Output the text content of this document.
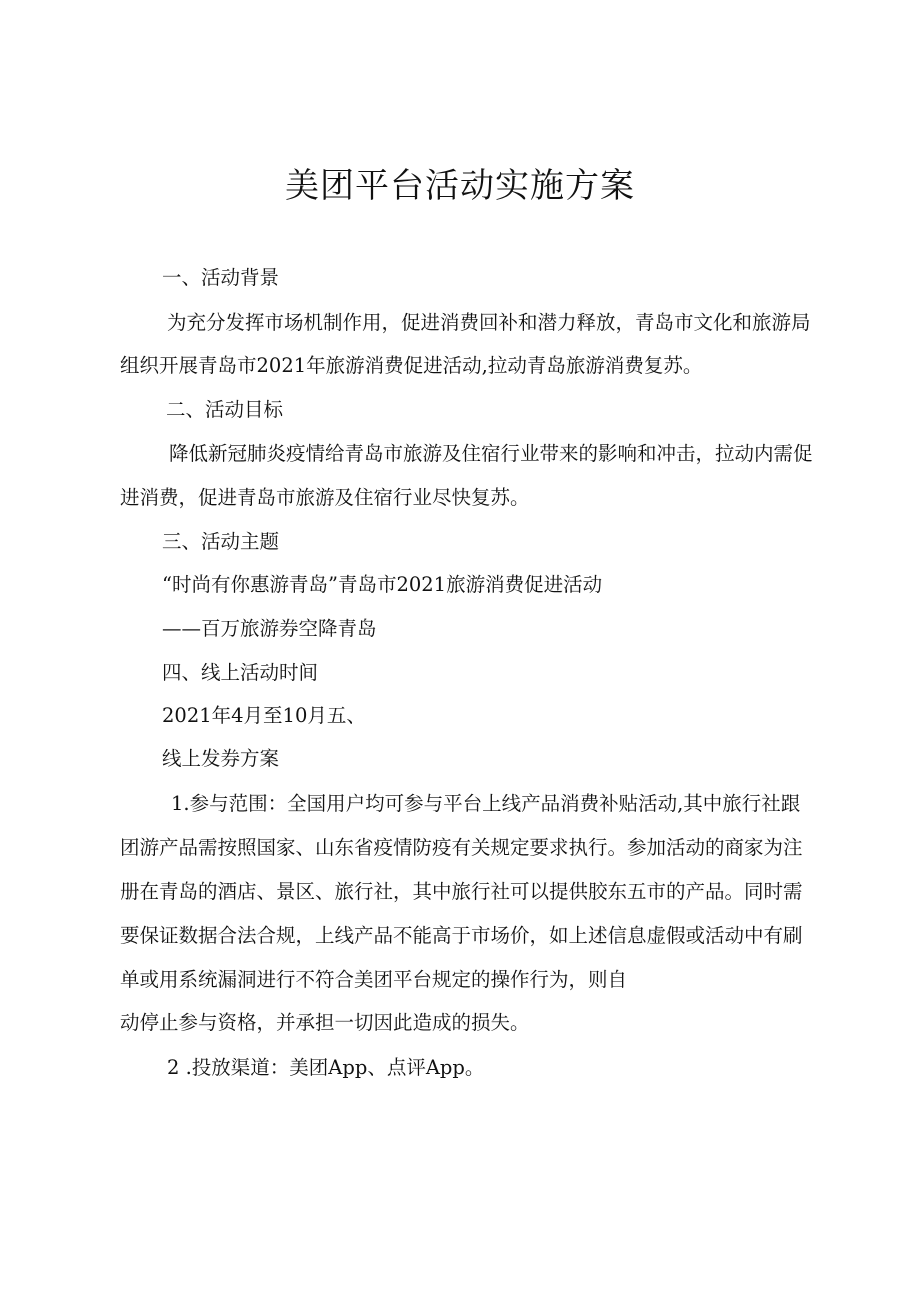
美团平台活动实施方案
一、活动背景
为充分发挥市场机制作用，促进消费回补和潜力释放，青岛市文化和旅游局
组织开展青岛市2021年旅游消费促进活动,拉动青岛旅游消费复苏。
二、活动目标
降低新冠肺炎疫情给青岛市旅游及住宿行业带来的影响和冲击，拉动内需促
进消费，促进青岛市旅游及住宿行业尽快复苏。
三、活动主题
“时尚有你惠游青岛”青岛市2021旅游消费促进活动
——百万旅游券空降青岛
四、线上活动时间
2021年4月至10月五、
线上发券方案
1.参与范围：全国用户均可参与平台上线产品消费补贴活动,其中旅行社跟
团游产品需按照国家、山东省疫情防疫有关规定要求执行。参加活动的商家为注
册在青岛的酒店、景区、旅行社，其中旅行社可以提供胶东五市的产品。同时需
要保证数据合法合规，上线产品不能高于市场价，如上述信息虚假或活动中有刷
单或用系统漏洞进行不符合美团平台规定的操作行为，则自
动停止参与资格，并承担一切因此造成的损失。
2 .投放渠道：美团App、点评App。
